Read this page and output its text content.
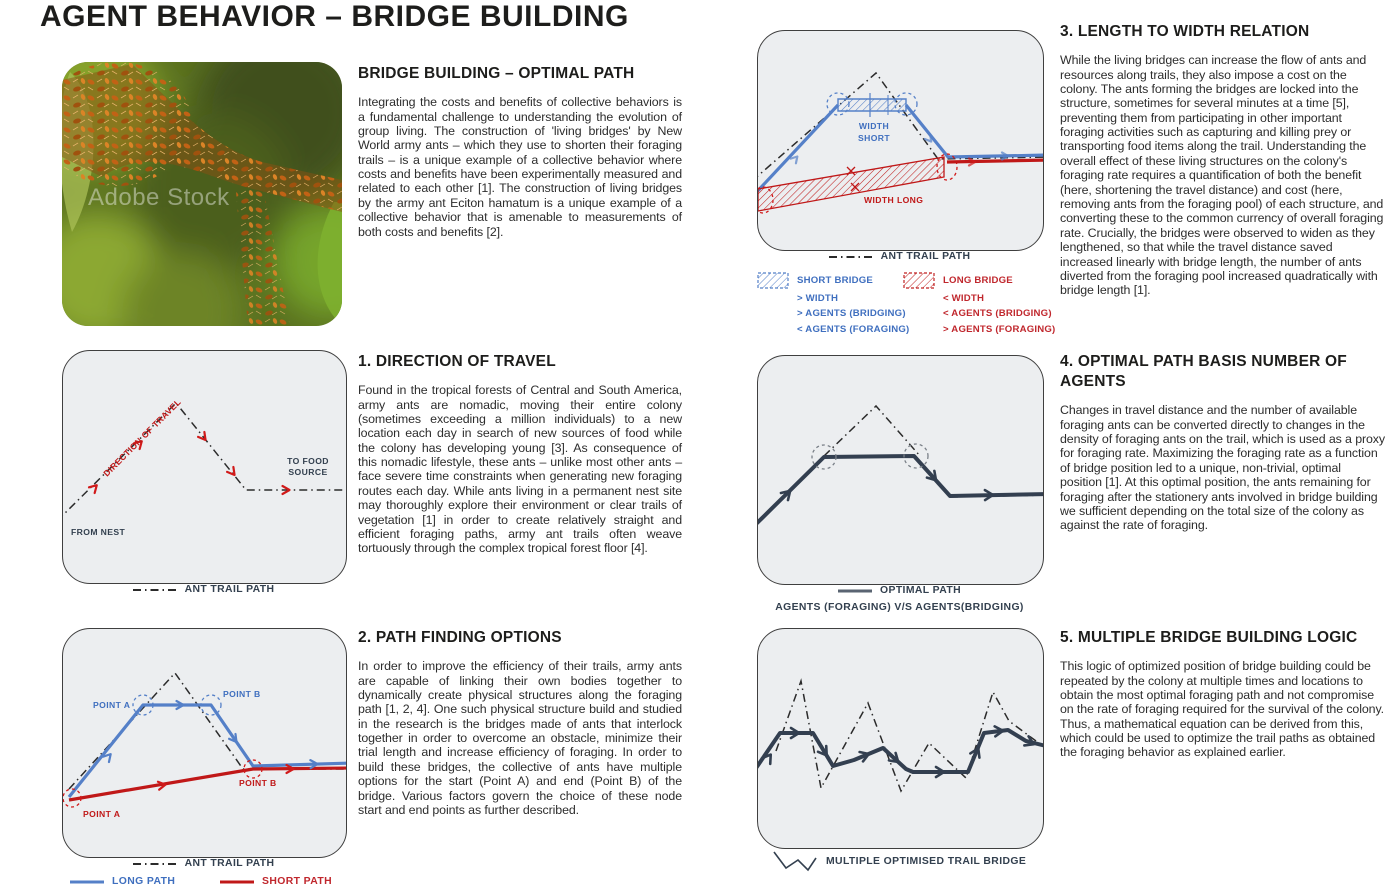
AGENT BEHAVIOR – BRIDGE BUILDING
Adobe Stock
BRIDGE BUILDING – OPTIMAL PATH

Integrating the costs and benefits of collective behaviors is a fundamental challenge to understanding the evolution of group living. The construction of 'living bridges' by New World army ants – which they use to shorten their foraging trails – is a unique example of a collective behavior where costs and benefits have been experimentally measured and related to each other [1]. The construction of living bridges by the army ant Eciton hamatum is a unique example of a collective behavior that is amenable to measurements of both costs and benefits [2].

1. DIRECTION OF TRAVEL

Found in the tropical forests of Central and South America, army ants are nomadic, moving their entire colony (sometimes exceeding a million individuals) to a new location each day in search of new sources of food while the colony has developing young [3]. As consequence of this nomadic lifestyle, these ants – unlike most other ants – face severe time constraints when generating new foraging routes each day. While ants living in a permanent nest site may thoroughly explore their environment or clear trails of vegetation [1] in order to create relatively straight and efficient foraging paths, army ant trails often weave tortuously through the complex tropical forest floor [4].

2. PATH FINDING OPTIONS

In order to improve the efficiency of their trails, army ants are capable of linking their own bodies together to dynamically create physical structures along the foraging path [1, 2, 4]. One such physical structure build and studied in the research is the bridges made of ants that interlock together in order to overcome an obstacle, minimize their trial length and increase efficiency of foraging. In order to build these bridges, the collective of ants have multiple options for the start (Point A) and end (Point B) of the bridge. Various factors govern the choice of these node start and end points as further described.

3. LENGTH TO WIDTH RELATION

While the living bridges can increase the flow of ants and resources along trails, they also impose a cost on the colony. The ants forming the bridges are locked into the structure, sometimes for several minutes at a time [5], preventing them from participating in other important foraging activities such as capturing and killing prey or transporting food items along the trail. Understanding the overall effect of these living structures on the colony's foraging rate requires a quantification of both the benefit (here, shortening the travel distance) and cost (here, removing ants from the foraging pool) of each structure, and converting these to the common currency of overall foraging rate. Crucially, the bridges were observed to widen as they lengthened, so that while the travel distance saved increased linearly with bridge length, the number of ants diverted from the foraging pool increased quadratically with bridge length [1].

4. OPTIMAL PATH BASIS NUMBER OF AGENTS

Changes in travel distance and the number of available foraging ants can be converted directly to changes in the density of foraging ants on the trail, which is used as a proxy for foraging rate. Maximizing the foraging rate as a function of bridge position led to a unique, non-trivial, optimal position [1]. At this optimal position, the ants remaining for foraging after the stationery ants involved in bridge building we sufficient depending on the total size of the colony as against the rate of foraging.

5. MULTIPLE BRIDGE BUILDING LOGIC

This logic of optimized position of bridge building could be repeated by the colony at multiple times and locations to obtain the most optimal foraging path and not compromise on the rate of foraging required for the survival of the colony. Thus, a mathematical equation can be derived from this, which could be used to optimize the trail paths as obtained the foraging behavior as explained earlier.

DIRECTION OF TRAVEL
FROM NEST
TO FOOD
SOURCE
ANT TRAIL PATH
POINT A
POINT B
POINT A
POINT B
ANT TRAIL PATH
LONG PATH	SHORT PATH
WIDTH
SHORT
WIDTH LONG
ANT TRAIL PATH
SHORT BRIDGE
> WIDTH
> AGENTS (BRIDGING)
< AGENTS (FORAGING)
LONG BRIDGE
< WIDTH
< AGENTS (BRIDGING)
> AGENTS (FORAGING)
OPTIMAL PATH
AGENTS (FORAGING) V/S AGENTS(BRIDGING)
MULTIPLE OPTIMISED TRAIL BRIDGE
